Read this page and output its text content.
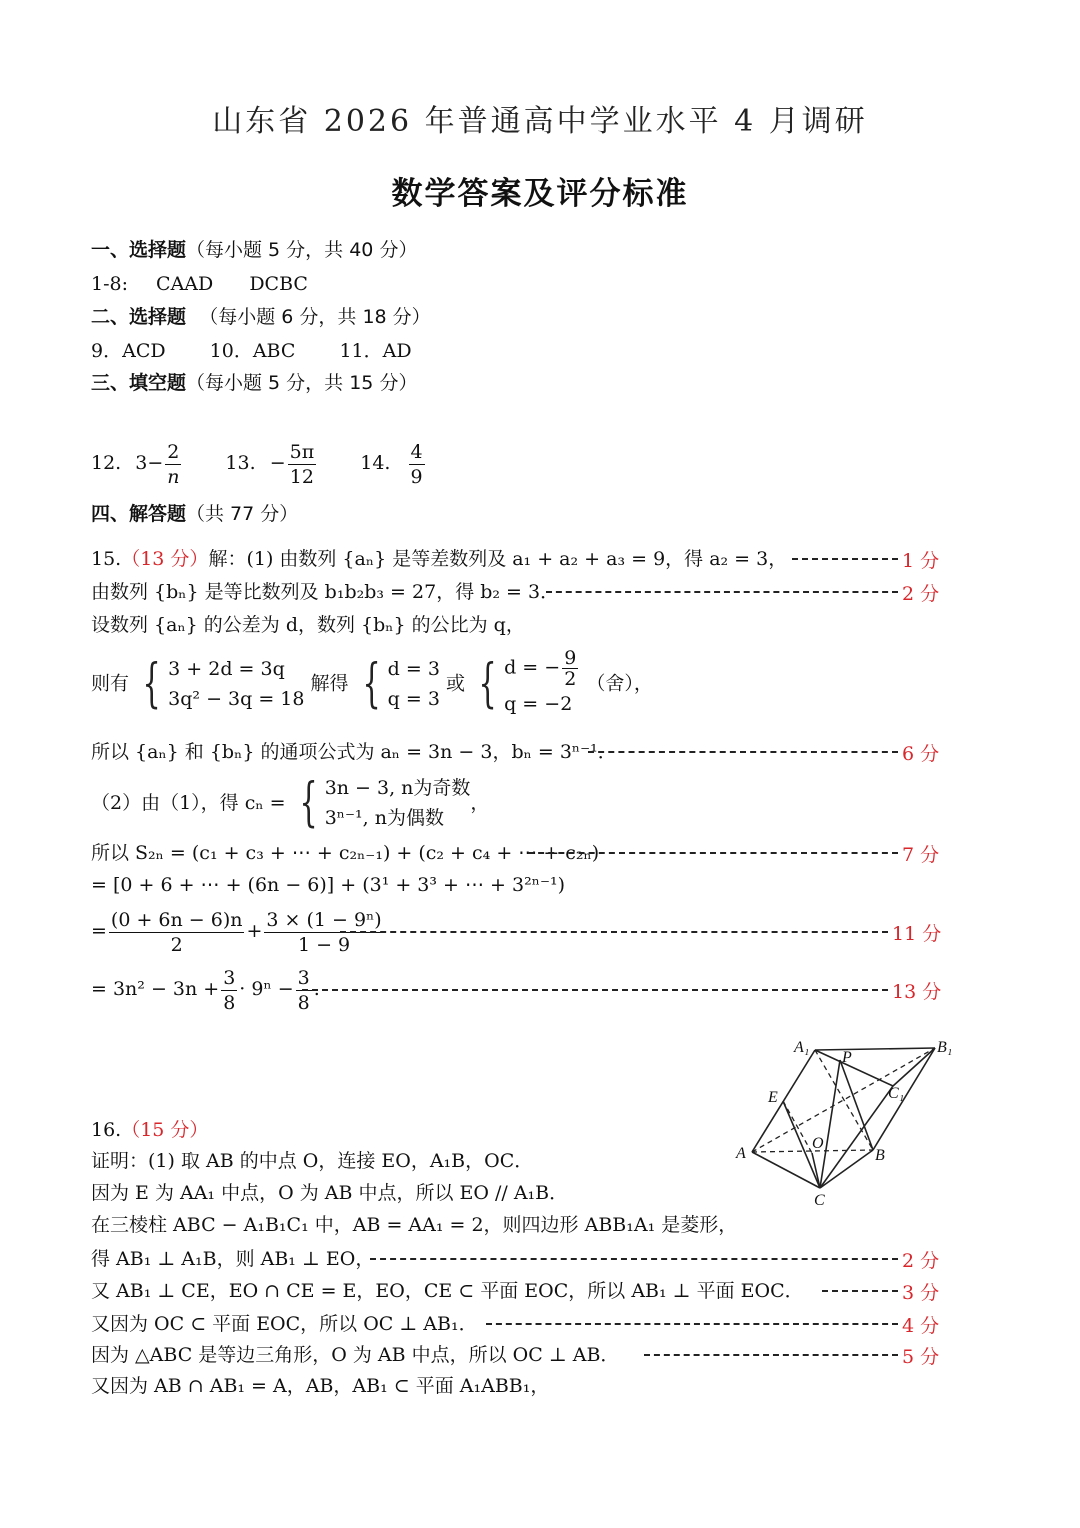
山东省 2026 年普通高中学业水平 4 月调研
数学答案及评分标准
一、选择题（每小题 5 分，共 40 分）
1-8: CAAD DCBC
二、选择题 （每小题 6 分，共 18 分）
9．ACD 10．ABC 11．AD
三、填空题（每小题 5 分，共 15 分）
12. $3- \frac{2}{n} 13$. − $\frac{5\pi}{12} 14$. $\frac{4}{9}$
四、解答题（共 77 分）
15.（13 分）解：(1) 由数列 {aₙ} 是等差数列及 a₁ + a₂ + a₃ = 9，得 a₂ = 3，	1 分
由数列 {bₙ} 是等比数列及 b₁b₂b₃ = 27，得 b₂ = 3．	2 分
设数列 {aₙ} 的公差为 d，数列 {bₙ} 的公比为 q，
则有 { 3 + 2d = 3q
3q² − 3q = 18
解得 { d = 3
q = 3
或 { d = − $\frac{9}{2}$
q = −2
（舍），
所以 {aₙ} 和 {bₙ} 的通项公式为 aₙ = 3n − 3，bₙ = 3ⁿ⁻¹．	6 分
（2）由（1），得 cₙ = { 3n − 3, n为奇数
3ⁿ⁻¹, n为偶数
，
所以 S₂ₙ = (c₁ + c₃ + ⋯ + c₂ₙ₋₁) + (c₂ + c₄ + ⋯ + c₂ₙ)	7 分
= [0 + 6 + ⋯ + (6n − 6)] + (3¹ + 3³ + ⋯ + 3²ⁿ⁻¹)
= $\frac{(0 + 6n - 6)n}{2} + \frac{\text{3 × (1 − 9ⁿ)}}{1 - 9}$	11 分
= $3n^2 - 3n + \frac{3}{8} \cdot 9^n - \frac{3}{8}$ .	13 分
A₁	B₁
P
C₁
E
A
O
B
C
16.（15 分）
证明：(1) 取 AB 的中点 O，连接 EO，A₁B，OC．
因为 E 为 AA₁ 中点，O 为 AB 中点，所以 EO // A₁B．
在三棱柱 ABC − A₁B₁C₁ 中，AB = AA₁ = 2，则四边形 ABB₁A₁ 是菱形，
得 AB₁ ⊥ A₁B，则 AB₁ ⊥ EO，	2 分
又 AB₁ ⊥ CE，EO ∩ CE = E，EO，CE ⊂ 平面 EOC，所以 AB₁ ⊥ 平面 EOC．	3 分
又因为 OC ⊂ 平面 EOC，所以 OC ⊥ AB₁．	4 分
因为 △ABC 是等边三角形，O 为 AB 中点，所以 OC ⊥ AB．	5 分
又因为 AB ∩ AB₁ = A，AB，AB₁ ⊂ 平面 A₁ABB₁，
